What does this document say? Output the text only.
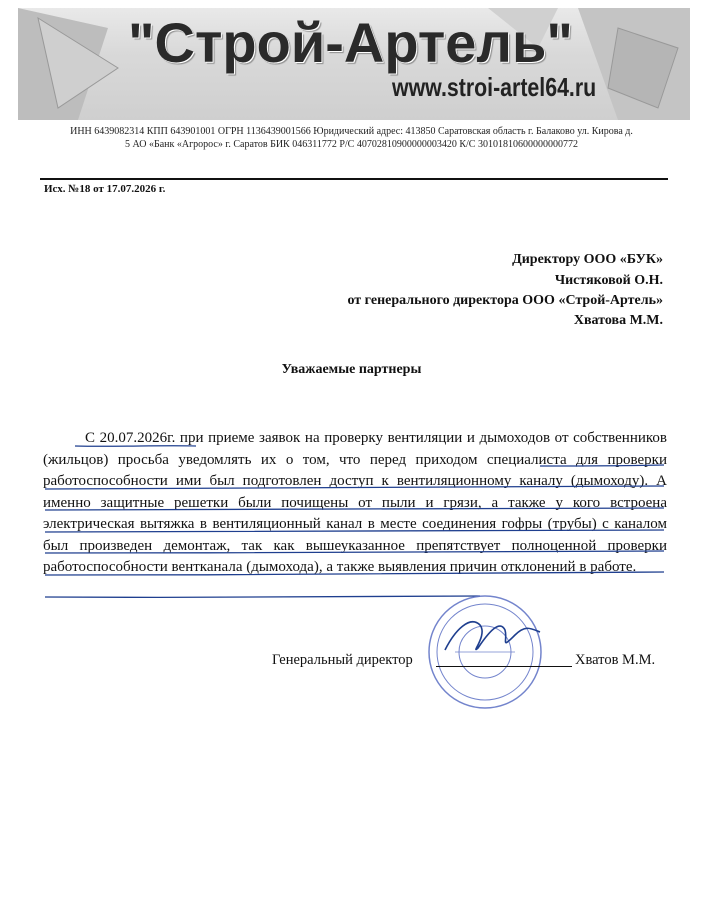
"Строй-Артель"
www.stroi-artel64.ru
ИНН 6439082314 КПП 643901001 ОГРН 1136439001566 Юридический адрес: 413850 Саратовская область г. Балаково ул. Кирова д.
5 АО «Банк «Агророс» г. Саратов БИК 046311772 Р/С 40702810900000003420 К/С 30101810600000000772
Исх. №18 от 17.07.2026 г.
Директору ООО «БУК»
Чистяковой О.Н.
от генерального директора ООО «Строй-Артель»
Хватова М.М.
Уважаемые партнеры

С 20.07.2026г. при приеме заявок на проверку вентиляции и дымоходов от собственников (жильцов) просьба уведомлять их о том, что перед приходом специалиста для проверки работоспособности ими был подготовлен доступ к вентиляционному каналу (дымоходу). А именно защитные решетки были почищены от пыли и грязи, а также у кого встроена электрическая вытяжка в вентиляционный канал в месте соединения гофры (трубы) с каналом был произведен демонтаж, так как вышеуказанное препятствует полноценной проверки работоспособности вентканала (дымохода), а также выявления причин отклонений в работе.

Генеральный директор	Хватов М.М.
